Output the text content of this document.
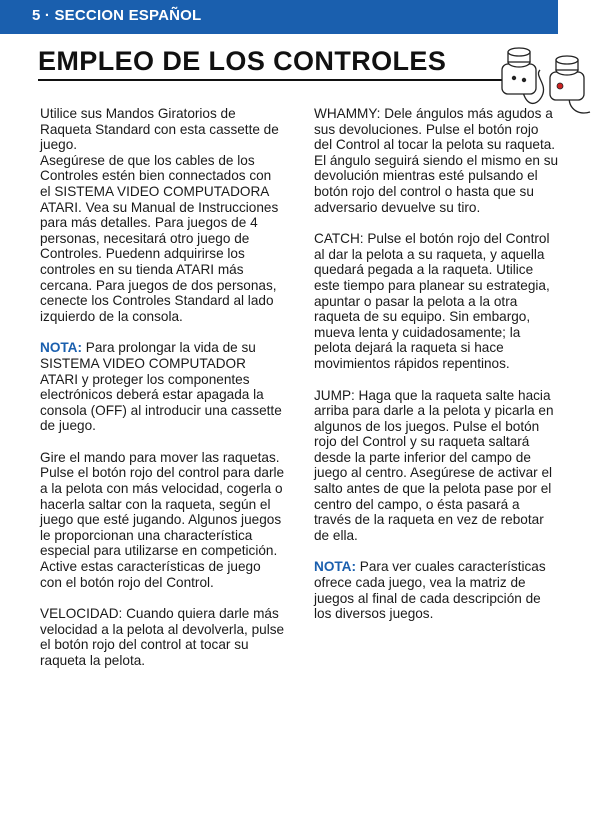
5 · SECCION ESPAÑOL
EMPLEO DE LOS CONTROLES

Utilice sus Mandos Giratorios de Raqueta Standard con esta cassette de juego.

Asegúrese de que los cables de los Controles estén bien connectados con el SISTEMA VIDEO COMPUTADORA ATARI. Vea su Manual de Instrucciones para más detalles. Para juegos de 4 personas, necesitará otro juego de Controles. Puedenn adquirirse los controles en su tienda ATARI más cercana. Para juegos de dos personas, cenecte los Controles Standard al lado izquierdo de la consola.

NOTA: Para prolongar la vida de su SISTEMA VIDEO COMPUTADOR ATARI y proteger los componentes electrónicos deberá estar apagada la consola (OFF) al introducir una cassette de juego.

Gire el mando para mover las raquetas. Pulse el botón rojo del control para darle a la pelota con más velocidad, cogerla o hacerla saltar con la raqueta, según el juego que esté jugando. Algunos juegos le proporcionan una characterística especial para utilizarse en competición. Active estas características de juego con el botón rojo del Control.

VELOCIDAD: Cuando quiera darle más velocidad a la pelota al devolverla, pulse el botón rojo del control at tocar su raqueta la pelota.

WHAMMY: Dele ángulos más agudos a sus devoluciones. Pulse el botón rojo del Control al tocar la pelota su raqueta. El ángulo seguirá siendo el mismo en su devolución mientras esté pulsando el botón rojo del control o hasta que su adversario devuelve su tiro.

CATCH: Pulse el botón rojo del Control al dar la pelota a su raqueta, y aquella quedará pegada a la raqueta. Utilice este tiempo para planear su estrategia, apuntar o pasar la pelota a la otra raqueta de su equipo. Sin embargo, mueva lenta y cuidadosamente; la pelota dejará la raqueta si hace movimientos rápidos repentinos.

JUMP: Haga que la raqueta salte hacia arriba para darle a la pelota y picarla en algunos de los juegos. Pulse el botón rojo del Control y su raqueta saltará desde la parte inferior del campo de juego al centro. Asegúrese de activar el salto antes de que la pelota pase por el centro del campo, o ésta pasará a través de la raqueta en vez de rebotar de ella.

NOTA: Para ver cuales características ofrece cada juego, vea la matriz de juegos al final de cada descripción de los diversos juegos.
